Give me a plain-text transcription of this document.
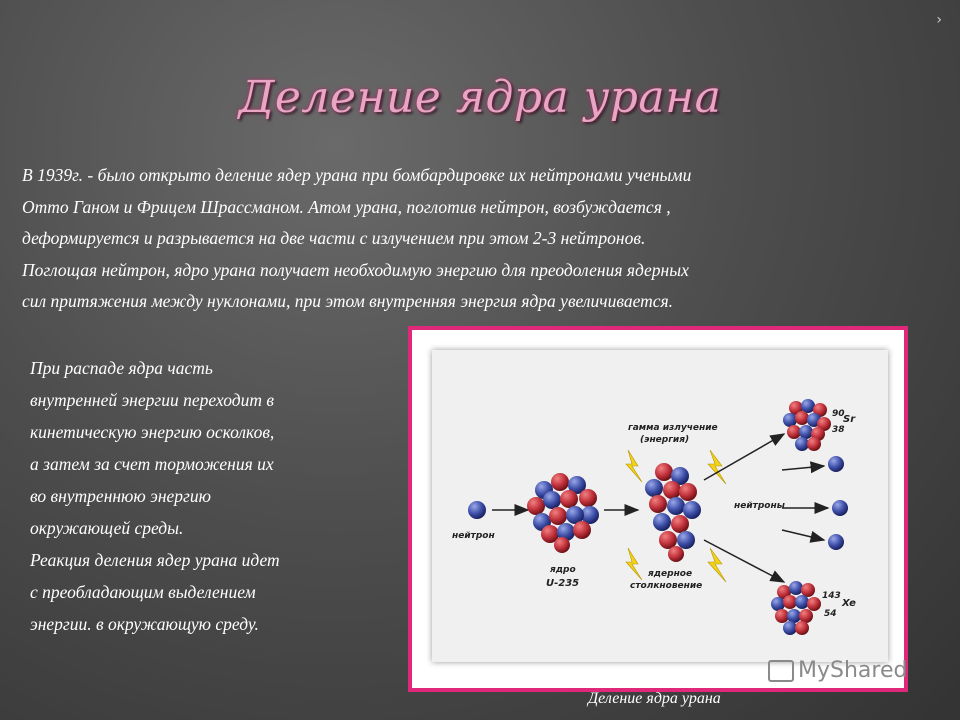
›
Деление ядра урана
В 1939г. - было открыто деление ядер урана при бомбардировке их нейтронами учеными
Отто Ганом и Фрицем Шрассманом. Атом урана, поглотив нейтрон, возбуждается ,
деформируется и разрывается на две части с излучением при этом 2-3 нейтронов.
Поглощая нейтрон, ядро урана получает необходимую энергию для преодоления ядерных
сил притяжения между нуклонами, при этом внутренняя энергия ядра увеличивается.
При распаде ядра часть
внутренней энергии переходит в
кинетическую энергию осколков,
а затем за счет торможения их
во внутреннюю энергию
окружающей среды.
Реакция деления ядер урана идет
с преобладающим выделением
энергии. в окружающую среду.
нейтрон
ядро
U-235
гамма излучение
(энергия)
ядерное
столкновение
нейтроны
90
Sr
38
143
Xe
54
MyShared
Деление ядра урана
